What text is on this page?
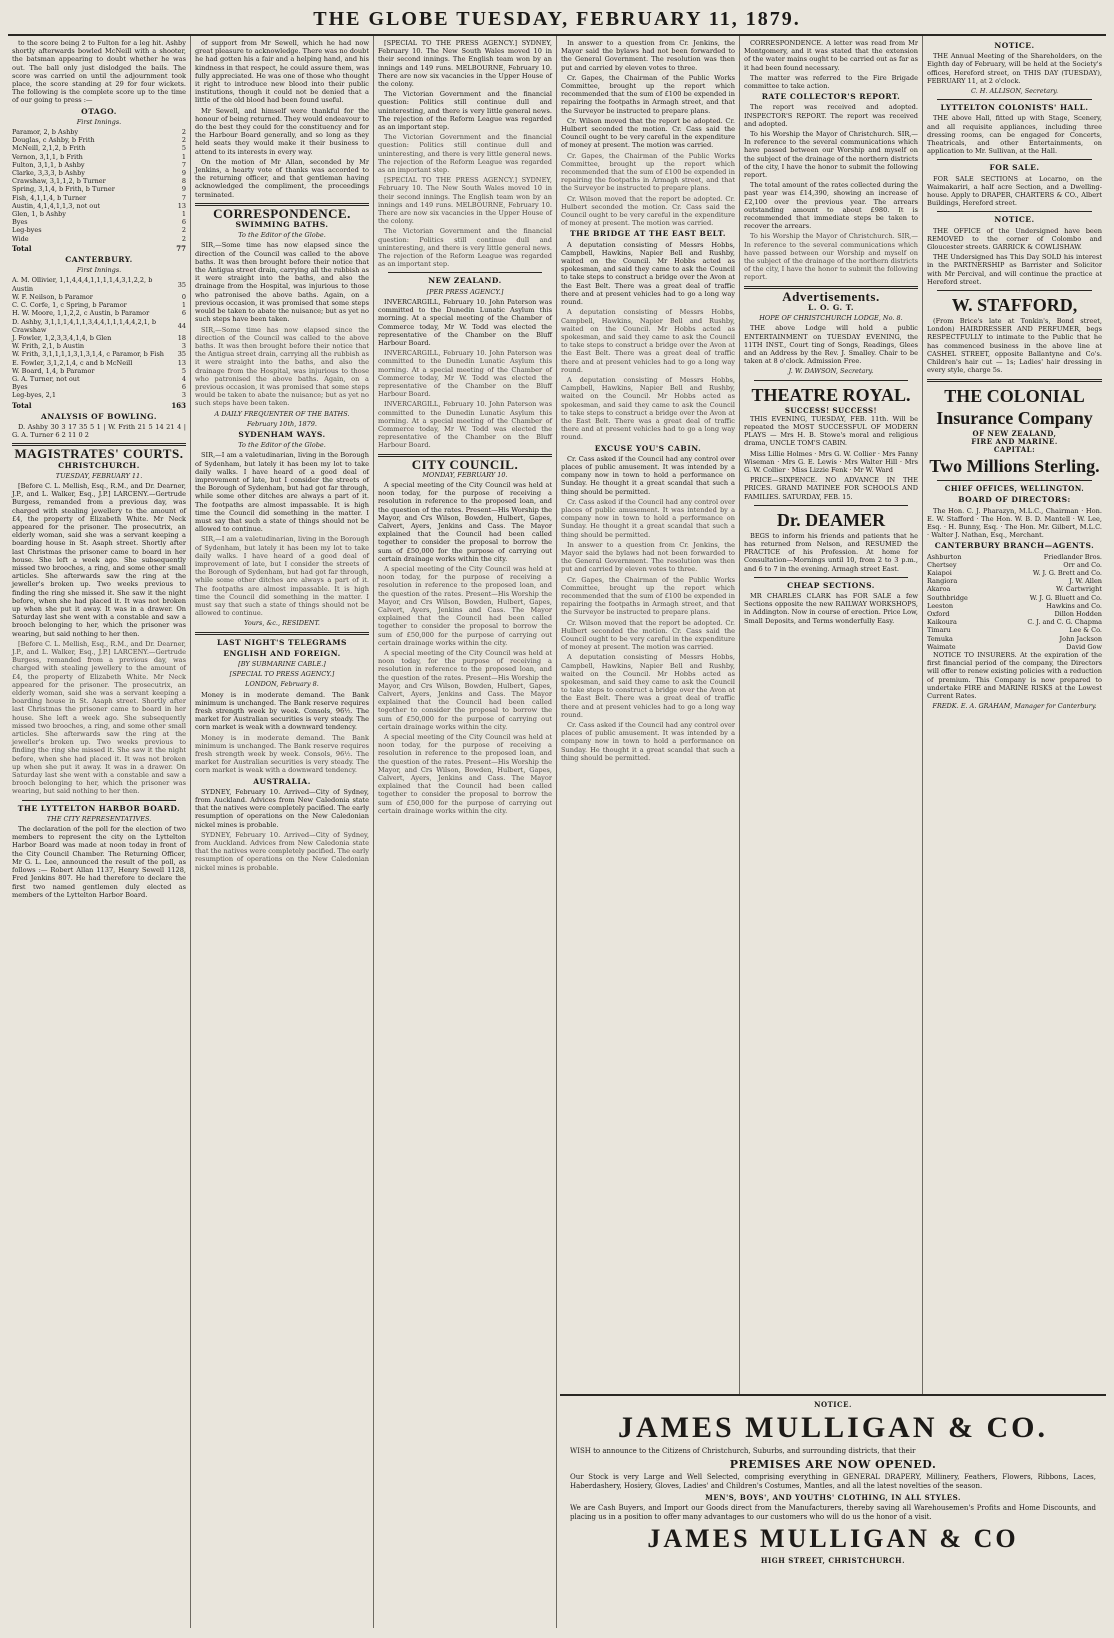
THE GLOBE TUESDAY, FEBRUARY 11, 1879.

to the score being 2 to Fulton for a leg hit. Ashby shortly afterwards bowled McNeill with a shooter, the batsman appearing to doubt whether he was out. The ball only just dislodged the bails. The score was carried on until the adjournment took place, the score standing at 29 for four wickets. The following is the complete score up to the time of our going to press :—

OTAGO.
First Innings.
Paramor, 2, b Ashby	2
Douglas, c Ashby, b Frith	2
McNeill, 2,1,2, b Frith	5
Vernon, 3,1,1, b Frith	1
Fulton, 3,1,1, b Ashby	7
Clarke, 3,3,3, b Ashby	9
Crawshaw, 3,1,1,2, b Turner	8
Spring, 3,1,4, b Frith, b Turner	9
Fish, 4,1,1,4, b Turner	7
Austin, 4,1,4,1,1,3, not out	13
Glen, 1, b Ashby	1
Byes	6
Leg-byes	2
Wide	2
Total	77
CANTERBURY.
First Innings.
A. M. Ollivier, 1,1,4,4,4,1,1,1,1,4,3,1,2,2, b Austin	35
W. F. Neilson, b Paramor	0
C. C. Corfe, 1, c Spring, b Paramor	1
H. W. Moore, 1,1,2,2, c Austin, b Paramor	6
D. Ashby, 3,1,1,1,4,1,1,3,4,4,1,1,1,4,4,2,1, b Crawshaw	44
J. Fowler, 1,2,3,3,4,1,4, b Glen	18
W. Frith, 2,1, b Austin	3
W. Frith, 3,1,1,1,1,3,1,3,1,4, c Paramor, b Fish	35
E. Fowler, 3,1,2,1,4, c and b McNeill	13
W. Board, 1,4, b Paramor	5
G. A. Turner, not out	4
Byes	6
Leg-byes, 2,1	3
Total	163
ANALYSIS OF BOWLING.

D. Ashby 30 3 17 35 5 1 | W. Frith 21 5 14 21 4 | G. A. Turner 6 2 11 0 2

MAGISTRATES' COURTS.
CHRISTCHURCH.
TUESDAY, FEBRUARY 11.

[Before C. L. Mellish, Esq., R.M., and Dr. Dearner, J.P., and L. Walker, Esq., J.P.] LARCENY.—Gertrude Burgess, remanded from a previous day, was charged with stealing jewellery to the amount of £4, the property of Elizabeth White. Mr Neck appeared for the prisoner. The prosecutrix, an elderly woman, said she was a servant keeping a boarding house in St. Asaph street. Shortly after last Christmas the prisoner came to board in her house. She left a week ago. She subsequently missed two brooches, a ring, and some other small articles. She afterwards saw the ring at the jeweller's broken up. Two weeks previous to finding the ring she missed it. She saw it the night before, when she had placed it. It was not broken up when she put it away. It was in a drawer. On Saturday last she went with a constable and saw a brooch belonging to her, which the prisoner was wearing, but said nothing to her then.

[Before C. L. Mellish, Esq., R.M., and Dr. Dearner, J.P., and L. Walker, Esq., J.P.] LARCENY.—Gertrude Burgess, remanded from a previous day, was charged with stealing jewellery to the amount of £4, the property of Elizabeth White. Mr Neck appeared for the prisoner. The prosecutrix, an elderly woman, said she was a servant keeping a boarding house in St. Asaph street. Shortly after last Christmas the prisoner came to board in her house. She left a week ago. She subsequently missed two brooches, a ring, and some other small articles. She afterwards saw the ring at the jeweller's broken up. Two weeks previous to finding the ring she missed it. She saw it the night before, when she had placed it. It was not broken up when she put it away. It was in a drawer. On Saturday last she went with a constable and saw a brooch belonging to her, which the prisoner was wearing, but said nothing to her then.

THE LYTTELTON HARBOR BOARD.
THE CITY REPRESENTATIVES.

The declaration of the poll for the election of two members to represent the city on the Lyttelton Harbor Board was made at noon today in front of the City Council Chamber. The Returning Officer, Mr G. L. Lee, announced the result of the poll, as follows :— Robert Allan 1137, Henry Sewell 1128, Fred Jenkins 807. He had therefore to declare the first two named gentlemen duly elected as members of the Lyttelton Harbor Board.

of support from Mr Sewell, which he had now great pleasure to acknowledge. There was no doubt he had gotten his a fair and a helping hand, and his kindness in that respect, he could assure them, was fully appreciated. He was one of those who thought it right to introduce new blood into their public institutions, though it could not be denied that a little of the old blood had been found useful.

Mr Sewell, and himself were thankful for the honour of being returned. They would endeavour to do the best they could for the constituency and for the Harbour Board generally, and so long as they held seats they would make it their business to attend to its interests in every way.

On the motion of Mr Allan, seconded by Mr Jenkins, a hearty vote of thanks was accorded to the returning officer, and that gentleman having acknowledged the compliment, the proceedings terminated.

CORRESPONDENCE.
SWIMMING BATHS.
To the Editor of the Globe.

SIR,—Some time has now elapsed since the direction of the Council was called to the above baths. It was then brought before their notice that the Antigua street drain, carrying all the rubbish as it were straight into the baths, and also the drainage from the Hospital, was injurious to those who patronised the above baths. Again, on a previous occasion, it was promised that some steps would be taken to abate the nuisance; but as yet no such steps have been taken.

SIR,—Some time has now elapsed since the direction of the Council was called to the above baths. It was then brought before their notice that the Antigua street drain, carrying all the rubbish as it were straight into the baths, and also the drainage from the Hospital, was injurious to those who patronised the above baths. Again, on a previous occasion, it was promised that some steps would be taken to abate the nuisance; but as yet no such steps have been taken.

A DAILY FREQUENTER OF THE BATHS.
February 10th, 1879.
SYDENHAM WAYS.
To the Editor of the Globe.

SIR,—I am a valetudinarian, living in the Borough of Sydenham, but lately it has been my lot to take daily walks. I have heard of a good deal of improvement of late, but I consider the streets of the Borough of Sydenham, but had got far through, while some other ditches are always a part of it. The footpaths are almost impassable. It is high time the Council did something in the matter. I must say that such a state of things should not be allowed to continue.

SIR,—I am a valetudinarian, living in the Borough of Sydenham, but lately it has been my lot to take daily walks. I have heard of a good deal of improvement of late, but I consider the streets of the Borough of Sydenham, but had got far through, while some other ditches are always a part of it. The footpaths are almost impassable. It is high time the Council did something in the matter. I must say that such a state of things should not be allowed to continue.

Yours, &c., RESIDENT.
LAST NIGHT'S TELEGRAMS
ENGLISH AND FOREIGN.
[BY SUBMARINE CABLE.]
[SPECIAL TO PRESS AGENCY.]
LONDON, February 8.

Money is in moderate demand. The Bank minimum is unchanged. The Bank reserve requires fresh strength week by week. Consols, 96½. The market for Australian securities is very steady. The corn market is weak with a downward tendency.

Money is in moderate demand. The Bank minimum is unchanged. The Bank reserve requires fresh strength week by week. Consols, 96½. The market for Australian securities is very steady. The corn market is weak with a downward tendency.

AUSTRALIA.

SYDNEY, February 10. Arrived—City of Sydney, from Auckland. Advices from New Caledonia state that the natives were completely pacified. The early resumption of operations on the New Caledonian nickel mines is probable.

SYDNEY, February 10. Arrived—City of Sydney, from Auckland. Advices from New Caledonia state that the natives were completely pacified. The early resumption of operations on the New Caledonian nickel mines is probable.

[SPECIAL TO THE PRESS AGENCY.] SYDNEY, February 10. The New South Wales moved 10 in their second innings. The English team won by an innings and 149 runs. MELBOURNE, February 10. There are now six vacancies in the Upper House of the colony.

The Victorian Government and the financial question: Politics still continue dull and uninteresting, and there is very little general news. The rejection of the Reform League was regarded as an important step.

The Victorian Government and the financial question: Politics still continue dull and uninteresting, and there is very little general news. The rejection of the Reform League was regarded as an important step.

[SPECIAL TO THE PRESS AGENCY.] SYDNEY, February 10. The New South Wales moved 10 in their second innings. The English team won by an innings and 149 runs. MELBOURNE, February 10. There are now six vacancies in the Upper House of the colony.

The Victorian Government and the financial question: Politics still continue dull and uninteresting, and there is very little general news. The rejection of the Reform League was regarded as an important step.

NEW ZEALAND.
[PER PRESS AGENCY.]

INVERCARGILL, February 10. John Paterson was committed to the Dunedin Lunatic Asylum this morning. At a special meeting of the Chamber of Commerce today, Mr W. Todd was elected the representative of the Chamber on the Bluff Harbour Board.

INVERCARGILL, February 10. John Paterson was committed to the Dunedin Lunatic Asylum this morning. At a special meeting of the Chamber of Commerce today, Mr W. Todd was elected the representative of the Chamber on the Bluff Harbour Board.

INVERCARGILL, February 10. John Paterson was committed to the Dunedin Lunatic Asylum this morning. At a special meeting of the Chamber of Commerce today, Mr W. Todd was elected the representative of the Chamber on the Bluff Harbour Board.

CITY COUNCIL.
MONDAY, FEBRUARY 10.

A special meeting of the City Council was held at noon today, for the purpose of receiving a resolution in reference to the proposed loan, and the question of the rates. Present—His Worship the Mayor, and Crs Wilson, Bowden, Hulbert, Gapes, Calvert, Ayers, Jenkins and Cass. The Mayor explained that the Council had been called together to consider the proposal to borrow the sum of £50,000 for the purpose of carrying out certain drainage works within the city.

A special meeting of the City Council was held at noon today, for the purpose of receiving a resolution in reference to the proposed loan, and the question of the rates. Present—His Worship the Mayor, and Crs Wilson, Bowden, Hulbert, Gapes, Calvert, Ayers, Jenkins and Cass. The Mayor explained that the Council had been called together to consider the proposal to borrow the sum of £50,000 for the purpose of carrying out certain drainage works within the city.

A special meeting of the City Council was held at noon today, for the purpose of receiving a resolution in reference to the proposed loan, and the question of the rates. Present—His Worship the Mayor, and Crs Wilson, Bowden, Hulbert, Gapes, Calvert, Ayers, Jenkins and Cass. The Mayor explained that the Council had been called together to consider the proposal to borrow the sum of £50,000 for the purpose of carrying out certain drainage works within the city.

A special meeting of the City Council was held at noon today, for the purpose of receiving a resolution in reference to the proposed loan, and the question of the rates. Present—His Worship the Mayor, and Crs Wilson, Bowden, Hulbert, Gapes, Calvert, Ayers, Jenkins and Cass. The Mayor explained that the Council had been called together to consider the proposal to borrow the sum of £50,000 for the purpose of carrying out certain drainage works within the city.

In answer to a question from Cr. Jenkins, the Mayor said the bylaws had not been forwarded to the General Government. The resolution was then put and carried by eleven votes to three.

Cr. Gapes, the Chairman of the Public Works Committee, brought up the report which recommended that the sum of £100 be expended in repairing the footpaths in Armagh street, and that the Surveyor be instructed to prepare plans.

Cr. Wilson moved that the report be adopted. Cr. Hulbert seconded the motion. Cr. Cass said the Council ought to be very careful in the expenditure of money at present. The motion was carried.

Cr. Gapes, the Chairman of the Public Works Committee, brought up the report which recommended that the sum of £100 be expended in repairing the footpaths in Armagh street, and that the Surveyor be instructed to prepare plans.

Cr. Wilson moved that the report be adopted. Cr. Hulbert seconded the motion. Cr. Cass said the Council ought to be very careful in the expenditure of money at present. The motion was carried.

THE BRIDGE AT THE EAST BELT.

A deputation consisting of Messrs Hobbs, Campbell, Hawkins, Napier Bell and Rushby, waited on the Council. Mr Hobbs acted as spokesman, and said they came to ask the Council to take steps to construct a bridge over the Avon at the East Belt. There was a great deal of traffic there and at present vehicles had to go a long way round.

A deputation consisting of Messrs Hobbs, Campbell, Hawkins, Napier Bell and Rushby, waited on the Council. Mr Hobbs acted as spokesman, and said they came to ask the Council to take steps to construct a bridge over the Avon at the East Belt. There was a great deal of traffic there and at present vehicles had to go a long way round.

A deputation consisting of Messrs Hobbs, Campbell, Hawkins, Napier Bell and Rushby, waited on the Council. Mr Hobbs acted as spokesman, and said they came to ask the Council to take steps to construct a bridge over the Avon at the East Belt. There was a great deal of traffic there and at present vehicles had to go a long way round.

EXCUSE YOU'S CABIN.

Cr. Cass asked if the Council had any control over places of public amusement. It was intended by a company now in town to hold a performance on Sunday. He thought it a great scandal that such a thing should be permitted.

Cr. Cass asked if the Council had any control over places of public amusement. It was intended by a company now in town to hold a performance on Sunday. He thought it a great scandal that such a thing should be permitted.

In answer to a question from Cr. Jenkins, the Mayor said the bylaws had not been forwarded to the General Government. The resolution was then put and carried by eleven votes to three.

Cr. Gapes, the Chairman of the Public Works Committee, brought up the report which recommended that the sum of £100 be expended in repairing the footpaths in Armagh street, and that the Surveyor be instructed to prepare plans.

Cr. Wilson moved that the report be adopted. Cr. Hulbert seconded the motion. Cr. Cass said the Council ought to be very careful in the expenditure of money at present. The motion was carried.

A deputation consisting of Messrs Hobbs, Campbell, Hawkins, Napier Bell and Rushby, waited on the Council. Mr Hobbs acted as spokesman, and said they came to ask the Council to take steps to construct a bridge over the Avon at the East Belt. There was a great deal of traffic there and at present vehicles had to go a long way round.

Cr. Cass asked if the Council had any control over places of public amusement. It was intended by a company now in town to hold a performance on Sunday. He thought it a great scandal that such a thing should be permitted.

CORRESPONDENCE. A letter was read from Mr Montgomery, and it was stated that the extension of the water mains ought to be carried out as far as it had been found necessary.

The matter was referred to the Fire Brigade committee to take action.

RATE COLLECTOR'S REPORT.

The report was received and adopted. INSPECTOR'S REPORT. The report was received and adopted.

To his Worship the Mayor of Christchurch. SIR,—In reference to the several communications which have passed between our Worship and myself on the subject of the drainage of the northern districts of the city, I have the honor to submit the following report.

The total amount of the rates collected during the past year was £14,390, showing an increase of £2,100 over the previous year. The arrears outstanding amount to about £980. It is recommended that immediate steps be taken to recover the arrears.

To his Worship the Mayor of Christchurch. SIR,—In reference to the several communications which have passed between our Worship and myself on the subject of the drainage of the northern districts of the city, I have the honor to submit the following report.

Advertisements.
L. O. G. T.
HOPE OF CHRISTCHURCH LODGE, No. 8.

THE above Lodge will hold a public ENTERTAINMENT on TUESDAY EVENING, the 11TH INST., Court ting of Songs, Readings, Glees and an Address by the Rev. J. Smalley. Chair to be taken at 8 o'clock. Admission Free.

J. W. DAWSON, Secretary.
THEATRE ROYAL.
SUCCESS! SUCCESS!

THIS EVENING, TUESDAY, FEB. 11th. Will be repeated the MOST SUCCESSFUL OF MODERN PLAYS — Mrs H. B. Stowe's moral and religious drama, UNCLE TOM'S CABIN.

Miss Lillie Holmes · Mrs G. W. Collier · Mrs Fanny Wiseman · Mrs G. E. Lewis · Mrs Walter Hill · Mrs G. W. Collier · Miss Lizzie Fenk · Mr W. Ward

PRICE—SIXPENCE. NO ADVANCE IN THE PRICES. GRAND MATINEE FOR SCHOOLS AND FAMILIES. SATURDAY, FEB. 15.

Dr. DEAMER

BEGS to inform his friends and patients that he has returned from Nelson, and RESUMED the PRACTICE of his Profession. At home for Consultation—Mornings until 10, from 2 to 3 p.m., and 6 to 7 in the evening. Armagh street East.

CHEAP SECTIONS.

MR CHARLES CLARK has FOR SALE a few Sections opposite the new RAILWAY WORKSHOPS, in Addington. Now in course of erection. Price Low, Small Deposits, and Terms wonderfully Easy.

NOTICE.

THE Annual Meeting of the Shareholders, on the Eighth day of February, will be held at the Society's offices, Hereford street, on THIS DAY (TUESDAY), FEBRUARY 11, at 2 o'clock.

C. H. ALLISON, Secretary.
LYTTELTON COLONISTS' HALL.

THE above Hall, fitted up with Stage, Scenery, and all requisite appliances, including three dressing rooms, can be engaged for Concerts, Theatricals, and other Entertainments, on application to Mr. Sullivan, at the Hall.

FOR SALE.

FOR SALE SECTIONS at Locarno, on the Waimakariri, a half acre Section, and a Dwelling-house. Apply to DRAPER, CHARTERS & CO., Albert Buildings, Hereford street.

NOTICE.

THE OFFICE of the Undersigned have been REMOVED to the corner of Colombo and Gloucester streets. GARRICK & COWLISHAW.

THE Undersigned has This Day SOLD his interest in the PARTNERSHIP as Barrister and Solicitor with Mr Percival, and will continue the practice at Hereford street.

W. STAFFORD,

(From Brice's late at Tonkin's, Bond street, London) HAIRDRESSER AND PERFUMER, begs RESPECTFULLY to intimate to the Public that he has commenced business in the above line at CASHEL STREET, opposite Ballantyne and Co's. Children's hair cut — 1s; Ladies' hair dressing in every style, charge 5s.

THE COLONIAL
Insurance Company
OF NEW ZEALAND,
FIRE AND MARINE.
CAPITAL:
Two Millions Sterling.
CHIEF OFFICES, WELLINGTON.
BOARD OF DIRECTORS:

The Hon. C. J. Pharazyn, M.L.C., Chairman · Hon. E. W. Stafford · The Hon. W. B. D. Mantell · W. Lee, Esq. · H. Bunny, Esq. · The Hon. Mr. Gilbert, M.L.C. · Walter J. Nathan, Esq., Merchant.

CANTERBURY BRANCH—AGENTS.
Ashburton	Friedlander Bros.
Chertsey	Orr and Co.
Kaiapoi	W. J. G. Brett and Co.
Rangiora	J. W. Allen
Akaroa	W. Cartwright
Southbridge	W. J. G. Bluett and Co.
Leeston	Hawkins and Co.
Oxford	Dillon Hodden
Kaikoura	C. J. and C. G. Chapma
Timaru	Lee & Co.
Temuka	John Jackson
Waimate	David Gow

NOTICE TO INSURERS. At the expiration of the first financial period of the company, the Directors will offer to renew existing policies with a reduction of premium. This Company is now prepared to undertake FIRE and MARINE RISKS at the Lowest Current Rates.

FREDK. E. A. GRAHAM, Manager for Canterbury.
NOTICE.
JAMES MULLIGAN & CO.

WISH to announce to the Citizens of Christchurch, Suburbs, and surrounding districts, that their

PREMISES ARE NOW OPENED.

Our Stock is very Large and Well Selected, comprising everything in GENERAL DRAPERY, Millinery, Feathers, Flowers, Ribbons, Laces, Haberdashery, Hosiery, Gloves, Ladies' and Children's Costumes, Mantles, and all the latest novelties of the season.

MEN'S, BOYS', AND YOUTHS' CLOTHING, IN ALL STYLES.

We are Cash Buyers, and Import our Goods direct from the Manufacturers, thereby saving all Warehousemen's Profits and Home Discounts, and placing us in a position to offer many advantages to our customers who will do us the honor of a visit.

JAMES MULLIGAN & CO
HIGH STREET, CHRISTCHURCH.
